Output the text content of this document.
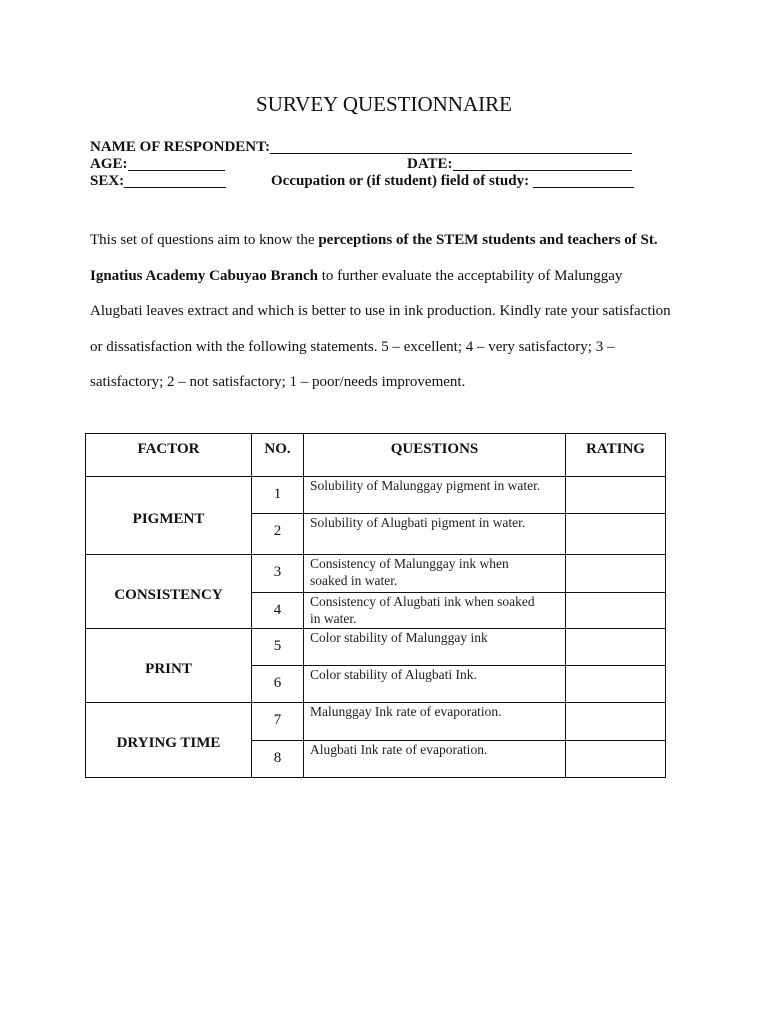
SURVEY QUESTIONNAIRE
NAME OF RESPONDENT:
AGE:	DATE:
SEX:	Occupation or (if student) field of study:
This set of questions aim to know the perceptions of the STEM students and teachers of St.
Ignatius Academy Cabuyao Branch to further evaluate the acceptability of Malunggay
Alugbati leaves extract and which is better to use in ink production. Kindly rate your satisfaction
or dissatisfaction with the following statements. 5 – excellent; 4 – very satisfactory; 3 –
satisfactory; 2 – not satisfactory; 1 – poor/needs improvement.
FACTOR	NO.	QUESTIONS	RATING
PIGMENT	1	Solubility of Malunggay pigment in water.	

	2	Solubility of Alugbati pigment in water.	

CONSISTENCY	3	Consistency of Malunggay ink when soaked in water.	

	4	Consistency of Alugbati ink when soaked in water.	

PRINT	5	Color stability of Malunggay ink	

	6	Color stability of Alugbati Ink.	

DRYING TIME	7	Malunggay Ink rate of evaporation.	

	8	Alugbati Ink rate of evaporation.	
